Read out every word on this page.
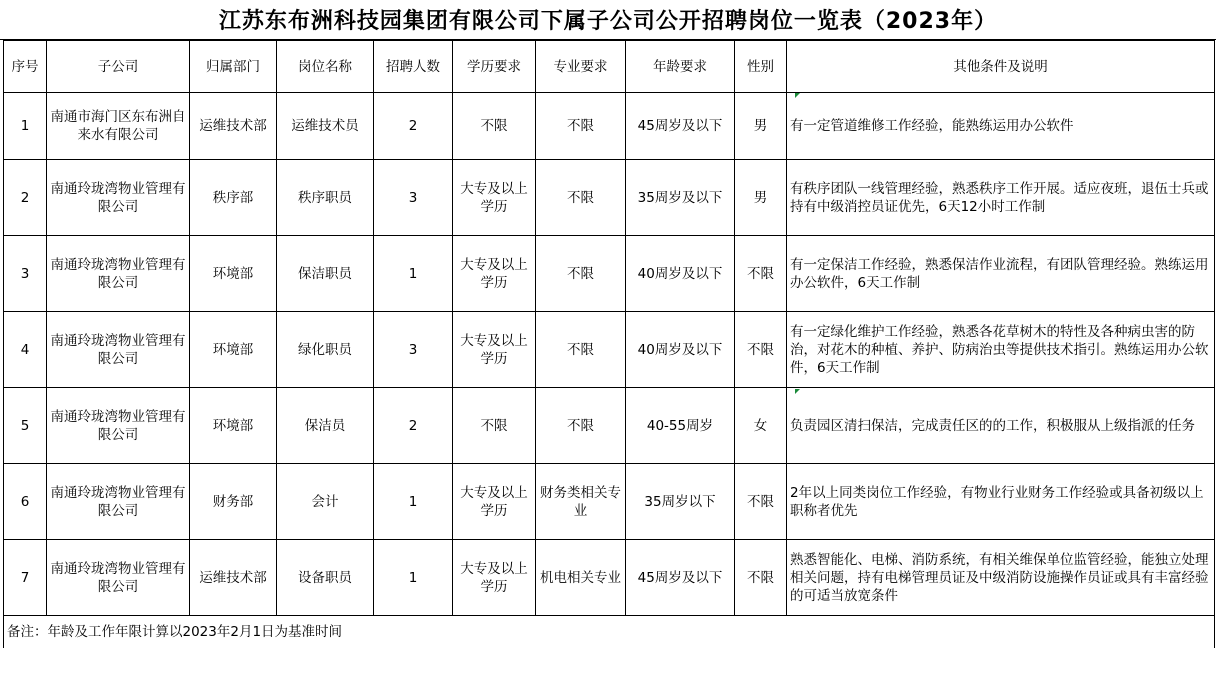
江苏东布洲科技园集团有限公司下属子公司公开招聘岗位一览表（2023年）
序号	子公司	归属部门	岗位名称	招聘人数	学历要求	专业要求	年龄要求	性别	其他条件及说明
1	南通市海门区东布洲自来水有限公司	运维技术部	运维技术员	2	不限	不限	45周岁及以下	男	有一定管道维修工作经验，能熟练运用办公软件
2	南通玲珑湾物业管理有限公司	秩序部	秩序职员	3	大专及以上学历	不限	35周岁及以下	男	有秩序团队一线管理经验，熟悉秩序工作开展。适应夜班，退伍士兵或持有中级消控员证优先，6天12小时工作制
3	南通玲珑湾物业管理有限公司	环境部	保洁职员	1	大专及以上学历	不限	40周岁及以下	不限	有一定保洁工作经验，熟悉保洁作业流程，有团队管理经验。熟练运用办公软件，6天工作制
4	南通玲珑湾物业管理有限公司	环境部	绿化职员	3	大专及以上学历	不限	40周岁及以下	不限	有一定绿化维护工作经验，熟悉各花草树木的特性及各种病虫害的防治，对花木的种植、养护、防病治虫等提供技术指引。熟练运用办公软件，6天工作制
5	南通玲珑湾物业管理有限公司	环境部	保洁员	2	不限	不限	40-55周岁	女	负责园区清扫保洁，完成责任区的的工作，积极服从上级指派的任务
6	南通玲珑湾物业管理有限公司	财务部	会计	1	大专及以上学历	财务类相关专业	35周岁以下	不限	2年以上同类岗位工作经验，有物业行业财务工作经验或具备初级以上职称者优先
7	南通玲珑湾物业管理有限公司	运维技术部	设备职员	1	大专及以上学历	机电相关专业	45周岁及以下	不限	熟悉智能化、电梯、消防系统，有相关维保单位监管经验，能独立处理相关问题，持有电梯管理员证及中级消防设施操作员证或具有丰富经验的可适当放宽条件
备注：年龄及工作年限计算以2023年2月1日为基准时间									
